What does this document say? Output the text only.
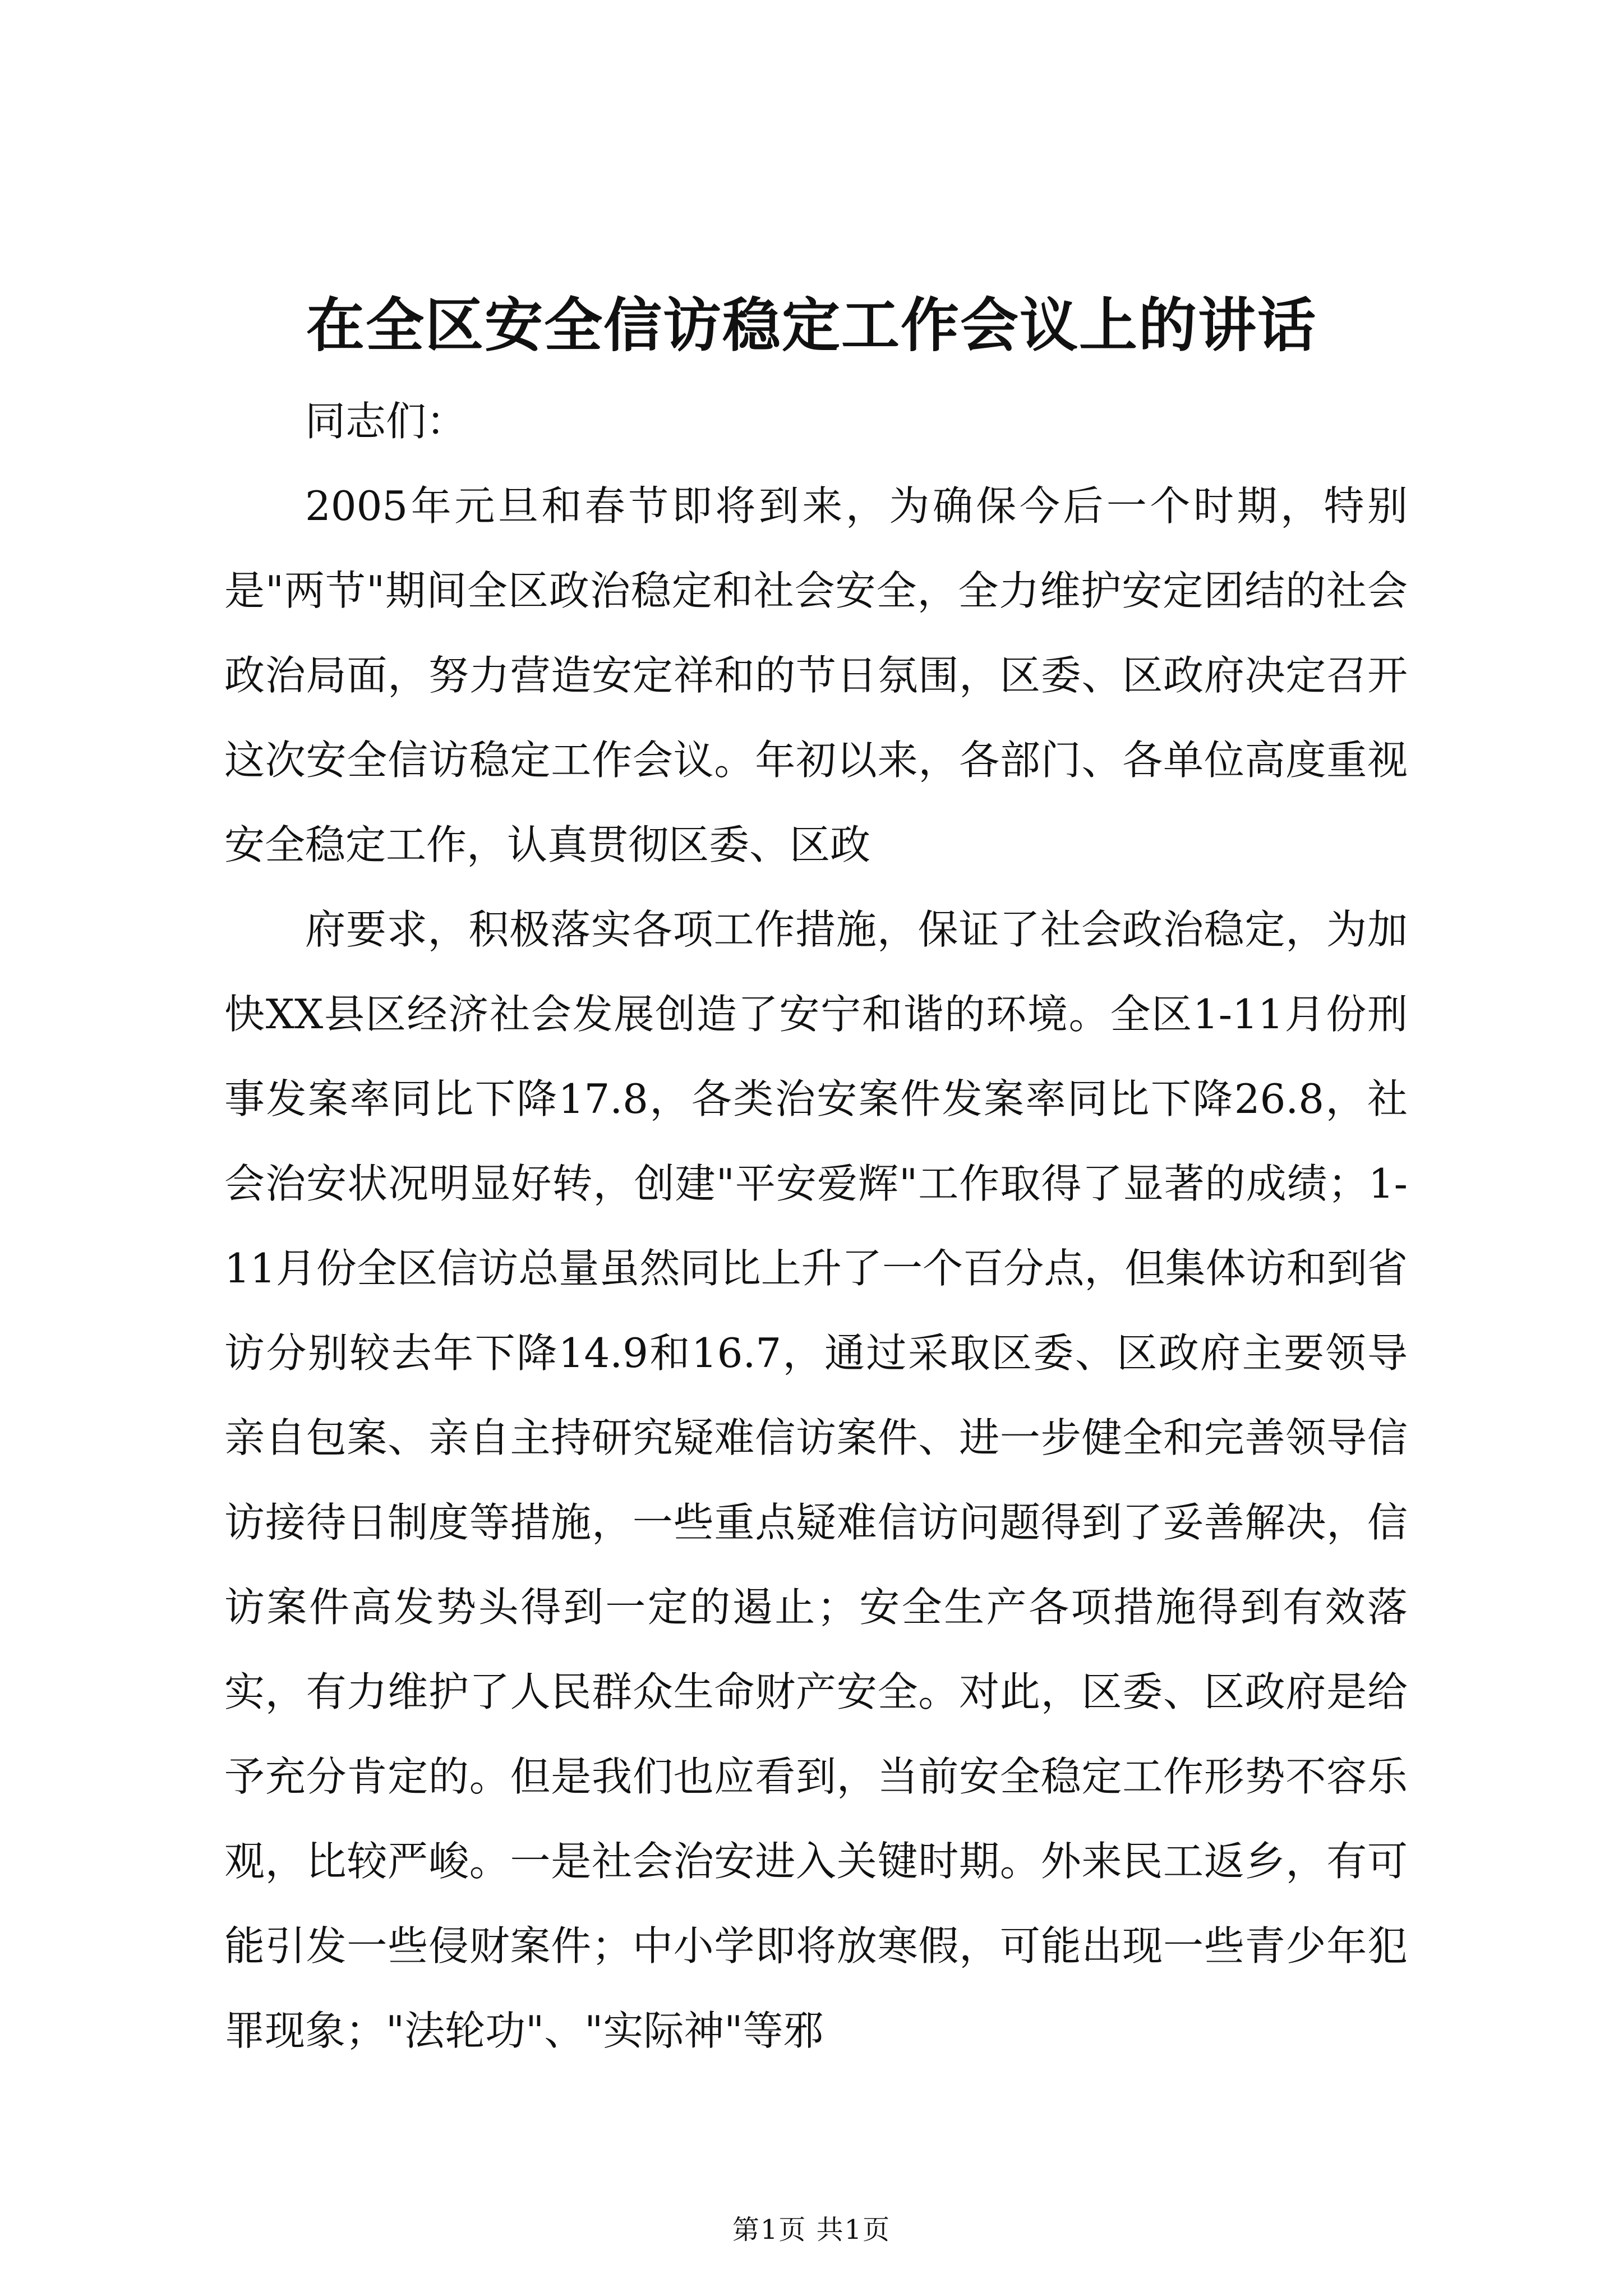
在全区安全信访稳定工作会议上的讲话

同志们：

2005年元旦和春节即将到来，为确保今后一个时期，特别是"两节"期间全区政治稳定和社会安全，全力维护安定团结的社会政治局面，努力营造安定祥和的节日氛围，区委、区政府决定召开这次安全信访稳定工作会议。年初以来，各部门、各单位高度重视安全稳定工作，认真贯彻区委、区政

府要求，积极落实各项工作措施，保证了社会政治稳定，为加快XX县区经济社会发展创造了安宁和谐的环境。全区1-11月份刑事发案率同比下降17.8，各类治安案件发案率同比下降26.8，社会治安状况明显好转，创建"平安爱辉"工作取得了显著的成绩；1-11月份全区信访总量虽然同比上升了一个百分点，但集体访和到省访分别较去年下降14.9和16.7，通过采取区委、区政府主要领导亲自包案、亲自主持研究疑难信访案件、进一步健全和完善领导信访接待日制度等措施，一些重点疑难信访问题得到了妥善解决，信访案件高发势头得到一定的遏止；安全生产各项措施得到有效落实，有力维护了人民群众生命财产安全。对此，区委、区政府是给予充分肯定的。但是我们也应看到，当前安全稳定工作形势不容乐观，比较严峻。一是社会治安进入关键时期。外来民工返乡，有可能引发一些侵财案件；中小学即将放寒假，可能出现一些青少年犯罪现象；"法轮功"、"实际神"等邪

第1页 共1页
